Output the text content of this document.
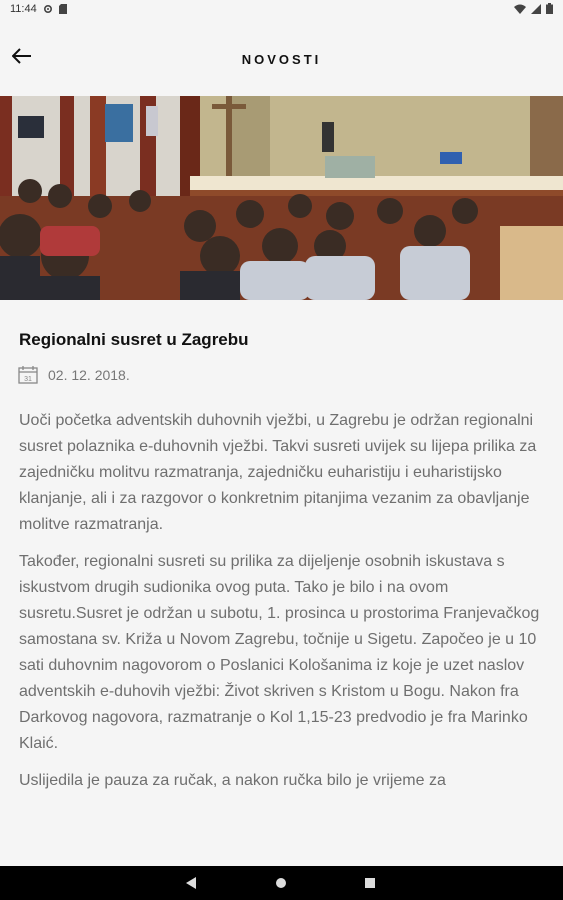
11:44
NOVOSTI
Regionalni susret u Zagrebu
31 02. 12. 2018.

Uoči početka adventskih duhovnih vježbi, u Zagrebu je održan regionalni susret polaznika e-duhovnih vježbi. Takvi susreti uvijek su lijepa prilika za zajedničku molitvu razmatranja, zajedničku euharistiju i euharistijsko klanjanje, ali i za razgovor o konkretnim pitanjima vezanim za obavljanje molitve razmatranja.

Također, regionalni susreti su prilika za dijeljenje osobnih iskustava s iskustvom drugih sudionika ovog puta. Tako je bilo i na ovom susretu.Susret je održan u subotu, 1. prosinca u prostorima Franjevačkog samostana sv. Križa u Novom Zagrebu, točnije u Sigetu. Započeo je u 10 sati duhovnim nagovorom o Poslanici Kološanima iz koje je uzet naslov adventskih e-duhovih vježbi: Život skriven s Kristom u Bogu. Nakon fra Darkovog nagovora, razmatranje o Kol 1,15-23 predvodio je fra Marinko Klaić.

Uslijedila je pauza za ručak, a nakon ručka bilo je vrijeme za
